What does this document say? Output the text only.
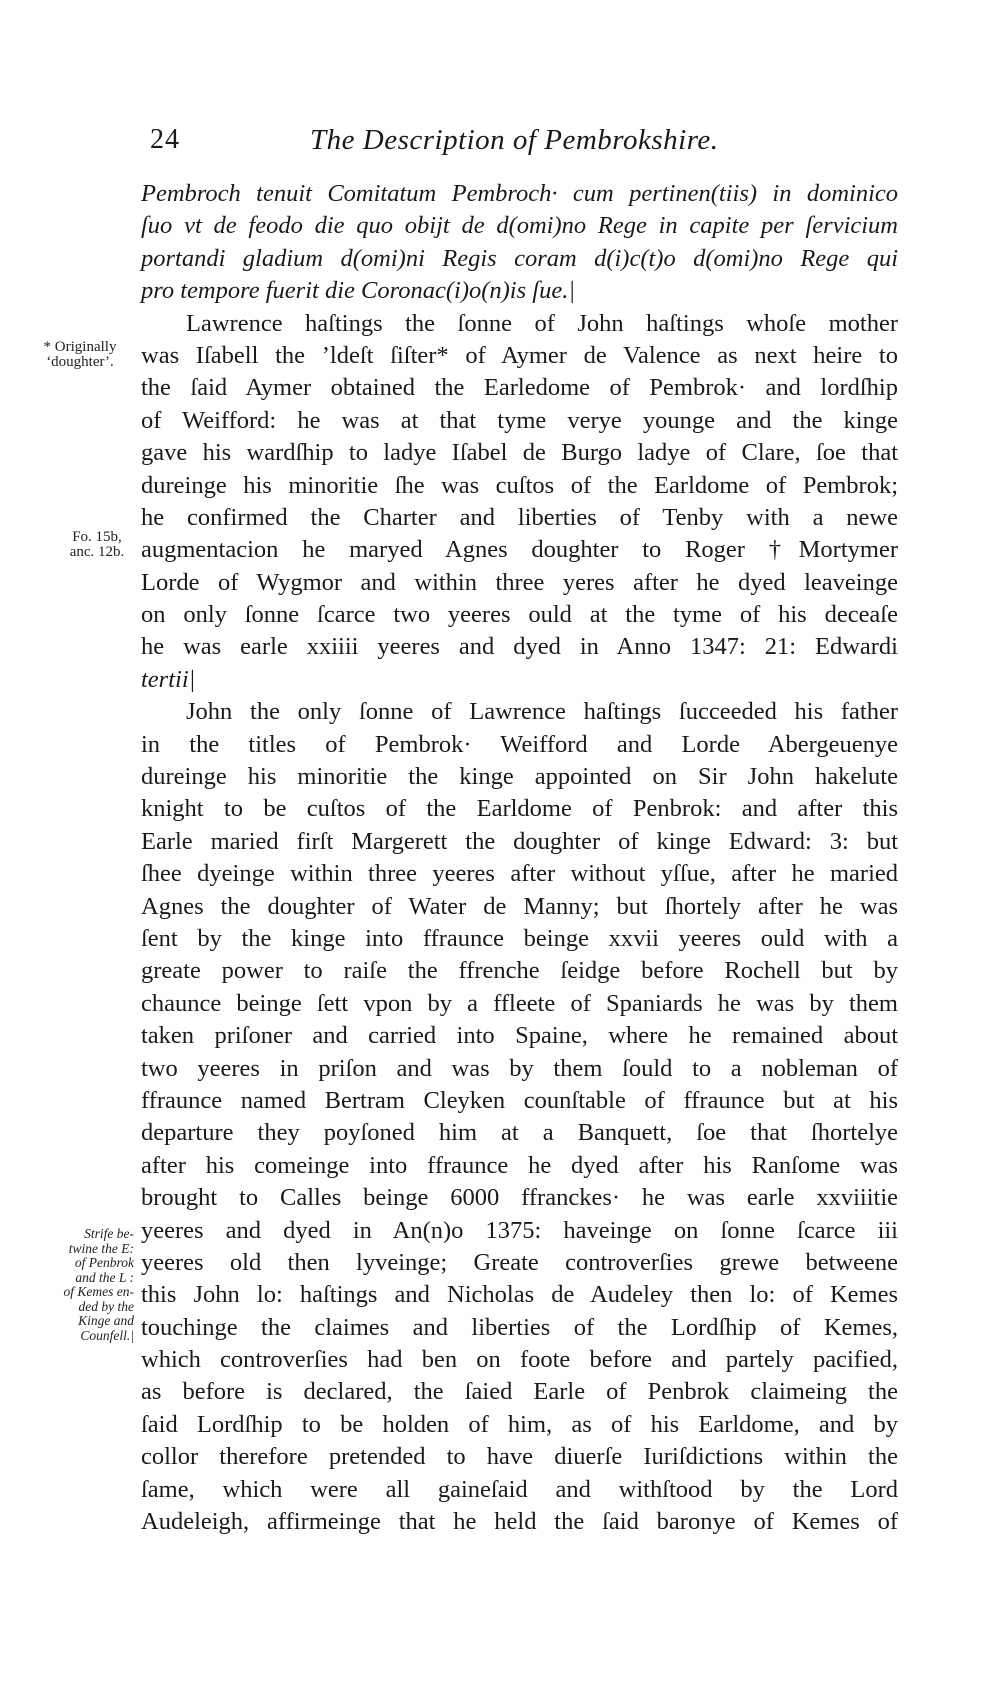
24	The Description of Pembrokshire.
* Originally
‘doughter’.
Fo. 15b,
anc. 12b.
Strife be-
twine the E:
of Penbrok
and the L :
of Kemes en-
ded by the
Kinge and
Counfell.|
Pembroch tenuit Comitatum Pembroch· cum pertinen(tiis) in dominico
ſuo vt de feodo die quo obijt de d(omi)no Rege in capite per ſervicium
portandi gladium d(omi)ni Regis coram d(i)c(t)o d(omi)no Rege qui
pro tempore fuerit die Coronac(i)o(n)is ſue.|
Lawrence haſtings the ſonne of John haſtings whoſe mother
was Iſabell the ’ldeſt ſiſter* of Aymer de Valence as next heire to
the ſaid Aymer obtained the Earledome of Pembrok· and lordſhip
of Weifford: he was at that tyme verye younge and the kinge
gave his wardſhip to ladye Iſabel de Burgo ladye of Clare, ſoe that
dureinge his minoritie ſhe was cuſtos of the Earldome of Pembrok;
he confirmed the Charter and liberties of Tenby with a newe
augmentacion he maryed Agnes doughter to Roger †Mortymer
Lorde of Wygmor and within three yeres after he dyed leaveinge
on only ſonne ſcarce two yeeres ould at the tyme of his deceaſe
he was earle xxiiii yeeres and dyed in Anno 1347: 21: Edwardi
tertii|
John the only ſonne of Lawrence haſtings ſucceeded his father
in the titles of Pembrok· Weifford and Lorde Abergeuenye
dureinge his minoritie the kinge appointed on Sir John hakelute
knight to be cuſtos of the Earldome of Penbrok: and after this
Earle maried firſt Margerett the doughter of kinge Edward: 3: but
ſhee dyeinge within three yeeres after without yſſue, after he maried
Agnes the doughter of Water de Manny; but ſhortely after he was
ſent by the kinge into ffraunce beinge xxvii yeeres ould with a
greate power to raiſe the ffrenche ſeidge before Rochell but by
chaunce beinge ſett vpon by a ffleete of Spaniards he was by them
taken priſoner and carried into Spaine, where he remained about
two yeeres in priſon and was by them ſould to a nobleman of
ffraunce named Bertram Cleyken counſtable of ffraunce but at his
departure they poyſoned him at a Banquett, ſoe that ſhortelye
after his comeinge into ffraunce he dyed after his Ranſome was
brought to Calles beinge 6000 ffranckes· he was earle xxviiitie
yeeres and dyed in An(n)o 1375: haveinge on ſonne ſcarce iii
yeeres old then lyveinge; Greate controverſies grewe betweene
this John lo: haſtings and Nicholas de Audeley then lo: of Kemes
touchinge the claimes and liberties of the Lordſhip of Kemes,
which controverſies had ben on foote before and partely pacified,
as before is declared, the ſaied Earle of Penbrok claimeing the
ſaid Lordſhip to be holden of him, as of his Earldome, and by
collor therefore pretended to have diuerſe Iuriſdictions within the
ſame, which were all gaineſaid and withſtood by the Lord
Audeleigh, affirmeinge that he held the ſaid baronye of Kemes of
